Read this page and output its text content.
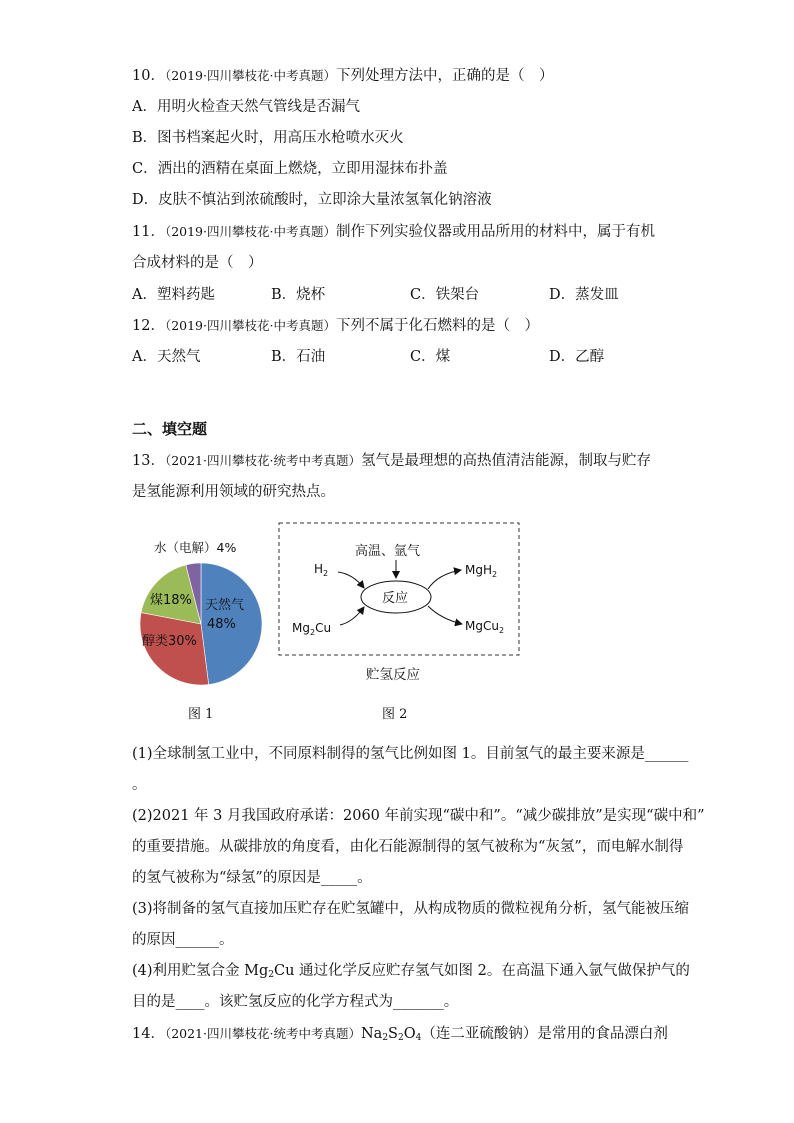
10．（2019·四川攀枝花·中考真题）下列处理方法中，正确的是（　）
A．用明火检查天然气管线是否漏气
B．图书档案起火时，用高压水枪喷水灭火
C．洒出的酒精在桌面上燃烧，立即用湿抹布扑盖
D．皮肤不慎沾到浓硫酸时，立即涂大量浓氢氧化钠溶液
11．（2019·四川攀枝花·中考真题）制作下列实验仪器或用品所用的材料中，属于有机
合成材料的是（　）
A．塑料药匙	B．烧杯	C．铁架台	D．蒸发皿
12．（2019·四川攀枝花·中考真题）下列不属于化石燃料的是（　）
A．天然气	B．石油	C．煤	D．乙醇
二、填空题
13．（2021·四川攀枝花·统考中考真题）氢气是最理想的高热值清洁能源，制取与贮存
是氢能源利用领域的研究热点。
水（电解）4%
天然气
48%
煤18%
醇类30%
图 1
高温、氩气
反应
$H_2$
$Mg_2Cu$
MgH$_2$
MgCu$_2$
贮氢反应
图 2
(1)全球制氢工业中，不同原料制得的氢气比例如图 1。目前氢气的最主要来源是______
。
(2)2021 年 3 月我国政府承诺：2060 年前实现“碳中和”。“减少碳排放”是实现“碳中和”
的重要措施。从碳排放的角度看，由化石能源制得的氢气被称为“灰氢”，而电解水制得
的氢气被称为“绿氢”的原因是_____。
(3)将制备的氢气直接加压贮存在贮氢罐中，从构成物质的微粒视角分析，氢气能被压缩
的原因______。
(4)利用贮氢合金 $Mg_2Cu$ 通过化学反应贮存氢气如图 2。在高温下通入氩气做保护气的
目的是____。该贮氢反应的化学方程式为_______。
14．（2021·四川攀枝花·统考中考真题）$Na_2S_2O_4$（连二亚硫酸钠）是常用的食品漂白剂
